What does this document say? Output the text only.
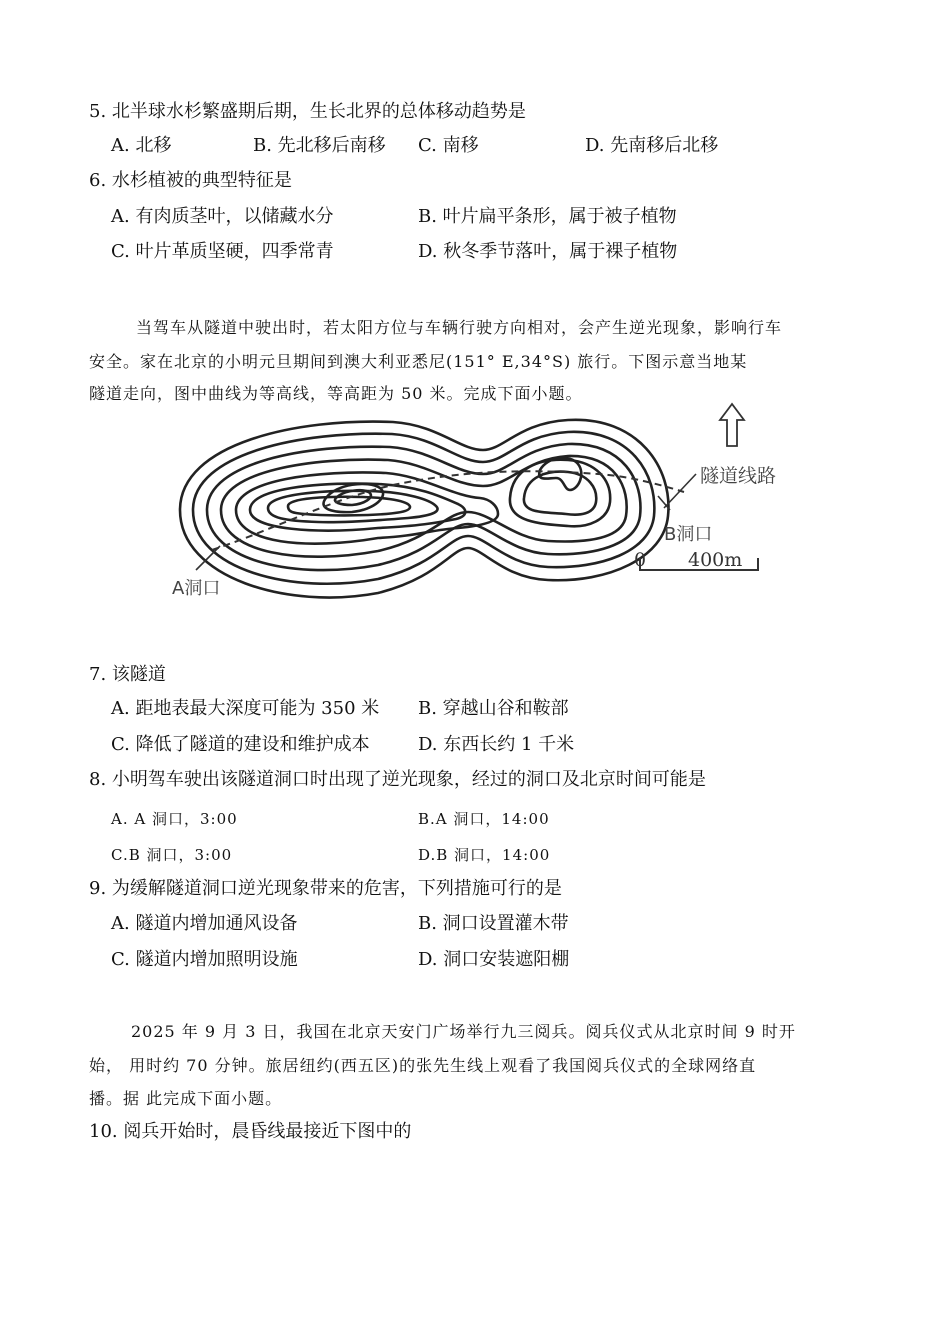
5. 北半球水杉繁盛期后期，生长北界的总体移动趋势是
A. 北移	B. 先北移后南移 C. 南移	D. 先南移后北移
6. 水杉植被的典型特征是
A. 有肉质茎叶，以储藏水分	B. 叶片扁平条形，属于被子植物
C. 叶片革质坚硬，四季常青	D. 秋冬季节落叶，属于裸子植物
当驾车从隧道中驶出时，若太阳方位与车辆行驶方向相对，会产生逆光现象，影响行车
安全。家在北京的小明元旦期间到澳大利亚悉尼(151° E,34°S) 旅行。下图示意当地某
隧道走向，图中曲线为等高线，等高距为 50 米。完成下面小题。
隧道线路
B洞口
A洞口
0 400m
7. 该隧道
A. 距地表最大深度可能为 350 米 B. 穿越山谷和鞍部
C. 降低了隧道的建设和维护成本	D. 东西长约 1 千米
8. 小明驾车驶出该隧道洞口时出现了逆光现象，经过的洞口及北京时间可能是
A. A 洞口，3:00	B.A 洞口，14:00
C.B 洞口，3:00	D.B 洞口，14:00
9. 为缓解隧道洞口逆光现象带来的危害，下列措施可行的是
A. 隧道内增加通风设备	B. 洞口设置灌木带
C. 隧道内增加照明设施	D. 洞口安装遮阳棚
2025 年 9 月 3 日，我国在北京天安门广场举行九三阅兵。阅兵仪式从北京时间 9 时开
始， 用时约 70 分钟。旅居纽约(西五区)的张先生线上观看了我国阅兵仪式的全球网络直
播。据 此完成下面小题。
10. 阅兵开始时，晨昏线最接近下图中的
